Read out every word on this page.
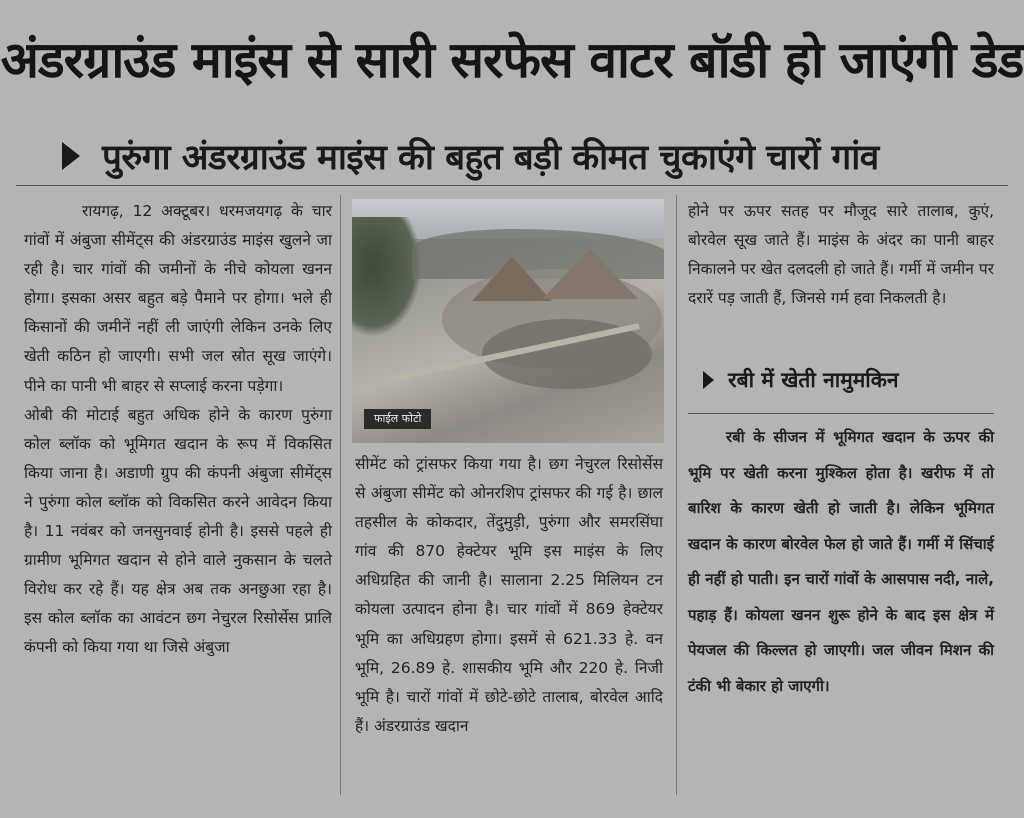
अंडरग्राउंड माइंस से सारी सरफेस वाटर बॉडी हो जाएंगी डेड
पुरुंगा अंडरग्राउंड माइंस की बहुत बड़ी कीमत चुकाएंगे चारों गांव

रायगढ़, 12 अक्टूबर। धरमजयगढ़ के चार गांवों में अंबुजा सीमेंट्स की अंडरग्राउंड माइंस खुलने जा रही है। चार गांवों की जमीनों के नीचे कोयला खनन होगा। इसका असर बहुत बड़े पैमाने पर होगा। भले ही किसानों की जमीनें नहीं ली जाएंगी लेकिन उनके लिए खेती कठिन हो जाएगी। सभी जल स्रोत सूख जाएंगे। पीने का पानी भी बाहर से सप्लाई करना पड़ेगा।

ओबी की मोटाई बहुत अधिक होने के कारण पुरुंगा कोल ब्लॉक को भूमिगत खदान के रूप में विकसित किया जाना है। अडाणी ग्रुप की कंपनी अंबुजा सीमेंट्स ने पुरुंगा कोल ब्लॉक को विकसित करने आवेदन किया है। 11 नवंबर को जनसुनवाई होनी है। इससे पहले ही ग्रामीण भूमिगत खदान से होने वाले नुकसान के चलते विरोध कर रहे हैं। यह क्षेत्र अब तक अनछुआ रहा है। इस कोल ब्लॉक का आवंटन छग नेचुरल रिसोर्सेस प्रालि कंपनी को किया गया था जिसे अंबुजा

फाईल फोटो

सीमेंट को ट्रांसफर किया गया है। छग नेचुरल रिसोर्सेस से अंबुजा सीमेंट को ओनरशिप ट्रांसफर की गई है। छाल तहसील के कोकदार, तेंदुमुड़ी, पुरुंगा और समरसिंघा गांव की 870 हेक्टेयर भूमि इस माइंस के लिए अधिग्रहित की जानी है। सालाना 2.25 मिलियन टन कोयला उत्पादन होना है। चार गांवों में 869 हेक्टेयर भूमि का अधिग्रहण होगा। इसमें से 621.33 हे. वन भूमि, 26.89 हे. शासकीय भूमि और 220 हे. निजी भूमि है। चारों गांवों में छोटे-छोटे तालाब, बोरवेल आदि हैं। अंडरग्राउंड खदान

होने पर ऊपर सतह पर मौजूद सारे तालाब, कुएं, बोरवेल सूख जाते हैं। माइंस के अंदर का पानी बाहर निकालने पर खेत दलदली हो जाते हैं। गर्मी में जमीन पर दरारें पड़ जाती हैं, जिनसे गर्म हवा निकलती है।

रबी में खेती नामुमकिन

रबी के सीजन में भूमिगत खदान के ऊपर की भूमि पर खेती करना मुश्किल होता है। खरीफ में तो बारिश के कारण खेती हो जाती है। लेकिन भूमिगत खदान के कारण बोरवेल फेल हो जाते हैं। गर्मी में सिंचाई ही नहीं हो पाती। इन चारों गांवों के आसपास नदी, नाले, पहाड़ हैं। कोयला खनन शुरू होने के बाद इस क्षेत्र में पेयजल की किल्लत हो जाएगी। जल जीवन मिशन की टंकी भी बेकार हो जाएगी।
